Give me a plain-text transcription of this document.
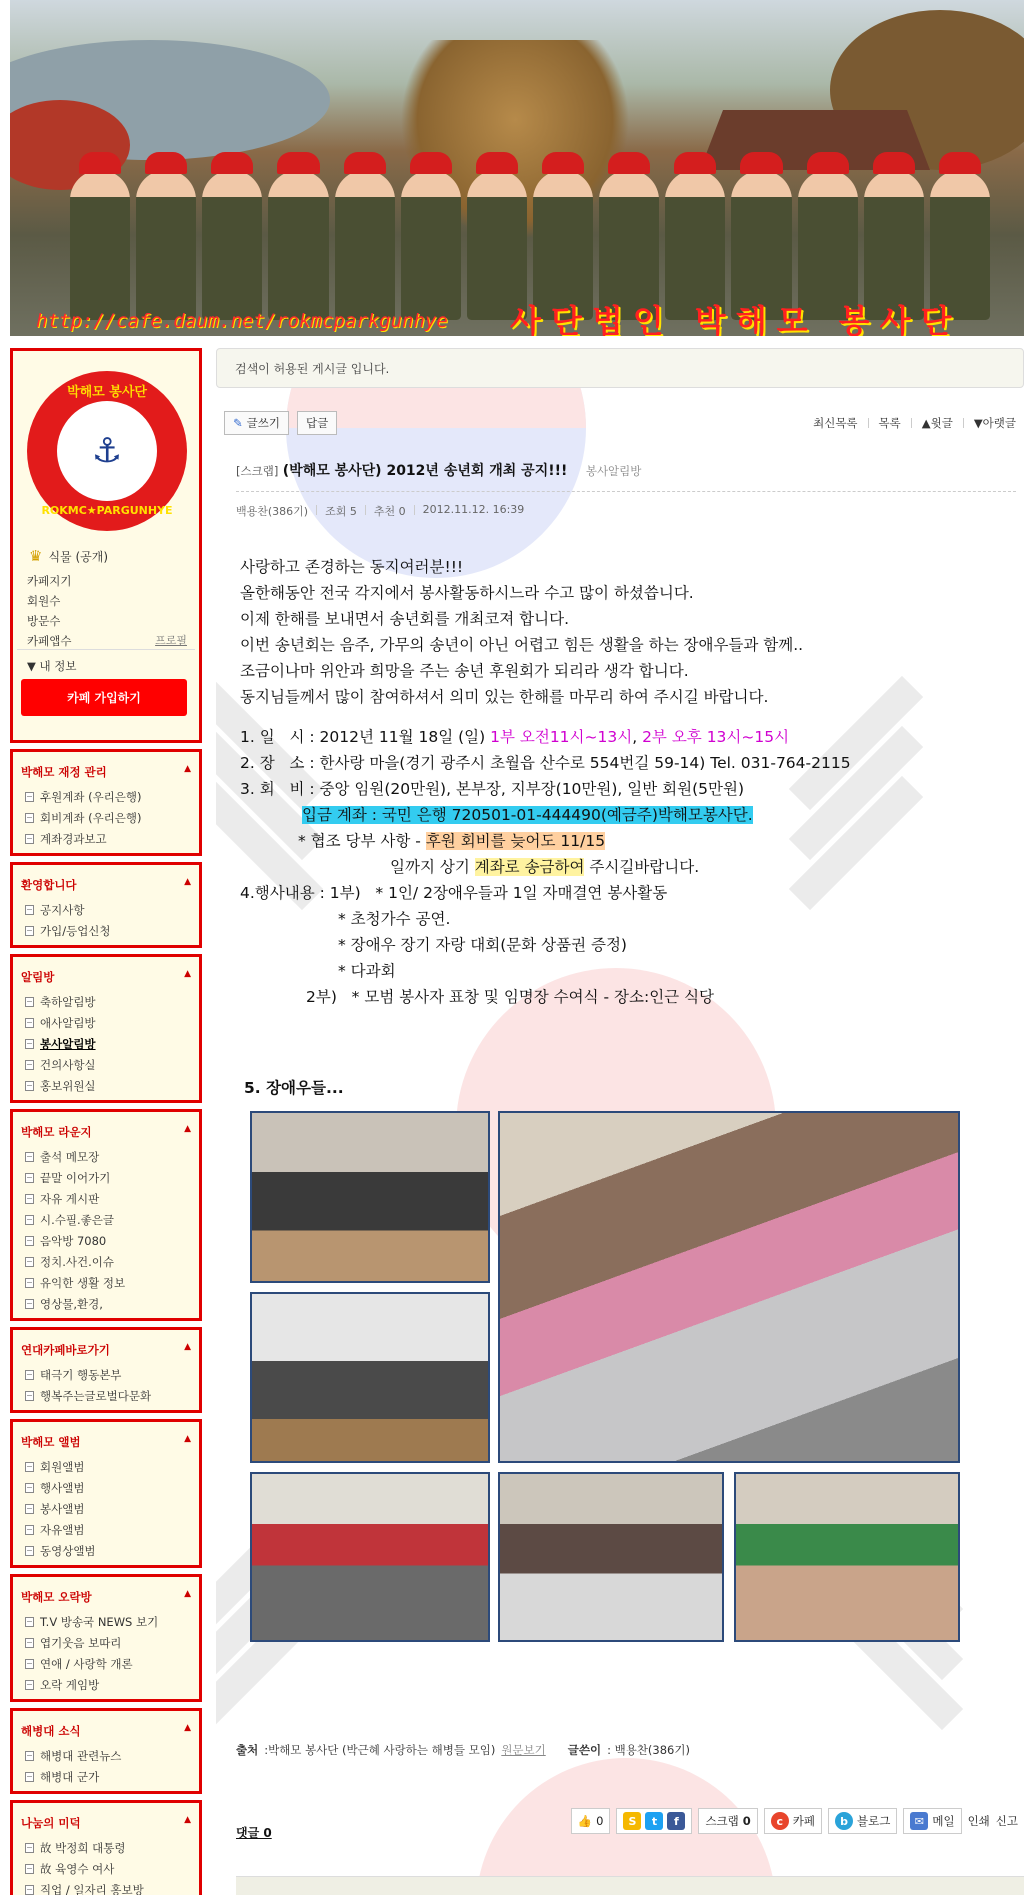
http://cafe.daum.net/rokmcparkgunhye 사단법인 박해모 봉사단
박해모 봉사단
⚓
ROKMC★PARGUNHYE
♛ 식물 (공개)
카페지기
회원수
방문수
카페앱수	프로필
▼ 내 정보
카페 가입하기
박해모 재정 관리	▲
후원계좌 (우리은행)
회비계좌 (우리은행)
계좌경과보고
환영합니다	▲
공지사항
가입/등업신청
알림방	▲
축하알림방
애사알림방
봉사알림방
건의사항실
홍보위원실
박해모 라운지	▲
출석 메모장
끝말 이어가기
자유 게시판
시.수필.좋은글
음악방 7080
정치.사건.이슈
유익한 생활 정보
영상물,환경,
연대카페바로가기	▲
태극기 행동본부
행복주는글로벌다문화
박해모 앨범	▲
회원앨범
행사앨범
봉사앨범
자유앨범
동영상앨범
박해모 오락방	▲
T.V 방송국 NEWS 보기
엽기웃음 보따리
연애 / 사랑학 개론
오락 게임방
해병대 소식	▲
해병대 관련뉴스
해병대 군가
나눔의 미덕	▲
故 박정희 대통령
故 육영수 여사
직업 / 일자리 홍보방
검색이 허용된 게시글 입니다.
✎ 글쓰기	답글	최신목록 목록 ▲윗글 ▼아랫글
[스크랩] (박해모 봉사단) 2012년 송년회 개최 공지!!! 봉사알림방
백용찬(386기) 조회 5 추천 0 2012.11.12. 16:39

사랑하고 존경하는 동지여러분!!!

올한해동안 전국 각지에서 봉사활동하시느라 수고 많이 하셨씁니다.

이제 한해를 보내면서 송년회를 개최코져 합니다.

이번 송년회는 음주, 가무의 송년이 아닌 어렵고 힘든 생활을 하는 장애우들과 함께..

조금이나마 위안과 희망을 주는 송년 후원회가 되리라 생각 합니다.

동지님들께서 많이 참여하셔서 의미 있는 한해를 마무리 하여 주시길 바랍니다.

1. 일   시 : 2012년 11월 18일 (일) 1부 오전11시~13시, 2부 오후 13시~15시

2. 장   소 : 한사랑 마을(경기 광주시 초월읍 산수로 554번길 59-14) Tel. 031-764-2115

3. 회   비 : 중앙 임원(20만원), 본부장, 지부장(10만원), 일반 회원(5만원)

입금 계좌 : 국민 은행 720501-01-444490(예금주)박해모봉사단.

* 협조 당부 사항 - 후원 회비를 늦어도 11/15

일까지 상기 계좌로 송금하여 주시길바랍니다.

4.행사내용 : 1부)   * 1인/ 2장애우들과 1일 자매결연 봉사활동

* 초청가수 공연.

* 장애우 장기 자랑 대회(문화 상품권 증정)

* 다과회

2부)   * 모범 봉사자 표창 및 임명장 수여식 - 장소:인근 식당

5. 장애우들...
출처 :박해모 봉사단 (박근혜 사랑하는 해병들 모임) 원문보기 글쓴이 : 백용찬(386기)
댓글 0
👍 0	S	t	f	스크랩 0	c 카페	b 블로그	✉ 메일 인쇄 신고
